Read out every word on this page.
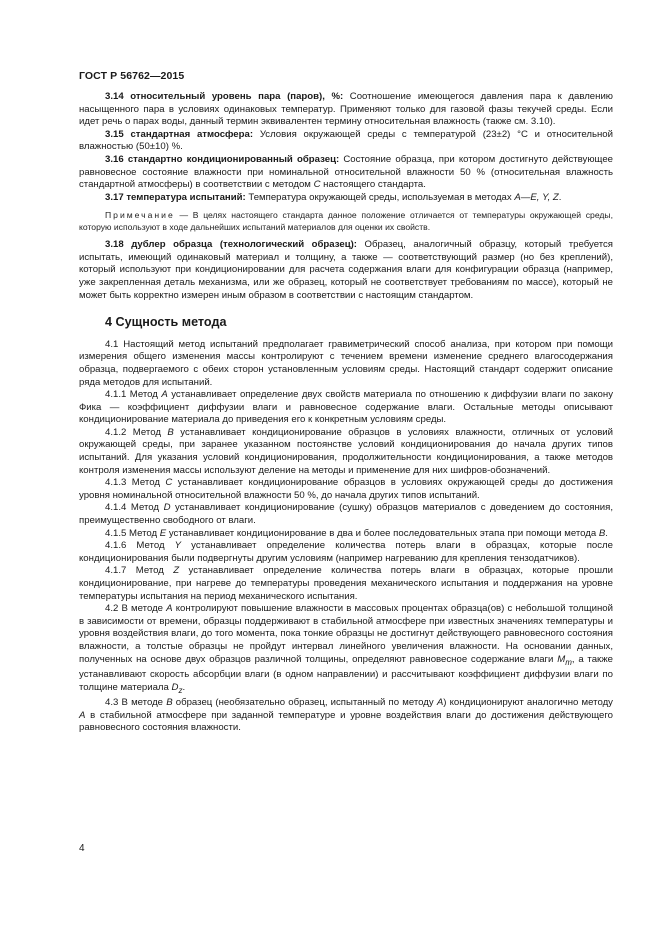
ГОСТ Р 56762—2015

3.14 относительный уровень пара (паров), %: Соотношение имеющегося давления пара к давлению насыщенного пара в условиях одинаковых температур. Применяют только для газовой фазы текучей среды. Если идет речь о парах воды, данный термин эквивалентен термину относительная влажность (также см. 3.10).

3.15 стандартная атмосфера: Условия окружающей среды с температурой (23±2) °С и относительной влажностью (50±10) %.

3.16 стандартно кондиционированный образец: Состояние образца, при котором достигнуто действующее равновесное состояние влажности при номинальной относительной влажности 50 % (относительная влажность стандартной атмосферы) в соответствии с методом С настоящего стандарта.

3.17 температура испытаний: Температура окружающей среды, используемая в методах А—Е, Y, Z.

Примечание — В целях настоящего стандарта данное положение отличается от температуры окружающей среды, которую используют в ходе дальнейших испытаний материалов для оценки их свойств.

3.18 дублер образца (технологический образец): Образец, аналогичный образцу, который требуется испытать, имеющий одинаковый материал и толщину, а также — соответствующий размер (но без креплений), который используют при кондиционировании для расчета содержания влаги для конфигурации образца (например, уже закрепленная деталь механизма, или же образец, который не соответствует требованиям по массе), который не может быть корректно измерен иным образом в соответствии с настоящим стандартом.

4 Сущность метода

4.1 Настоящий метод испытаний предполагает гравиметрический способ анализа, при котором при помощи измерения общего изменения массы контролируют с течением времени изменение среднего влагосодержания образца, подвергаемого с обеих сторон установленным условиям среды. Настоящий стандарт содержит описание ряда методов для испытаний.

4.1.1 Метод А устанавливает определение двух свойств материала по отношению к диффузии влаги по закону Фика — коэффициент диффузии влаги и равновесное содержание влаги. Остальные методы описывают кондиционирование материала до приведения его к конкретным условиям среды.

4.1.2 Метод В устанавливает кондиционирование образцов в условиях влажности, отличных от условий окружающей среды, при заранее указанном постоянстве условий кондиционирования до начала других типов испытаний. Для указания условий кондиционирования, продолжительности кондиционирования, а также методов контроля изменения массы используют деление на методы и применение для них шифров-обозначений.

4.1.3 Метод С устанавливает кондиционирование образцов в условиях окружающей среды до достижения уровня номинальной относительной влажности 50 %, до начала других типов испытаний.

4.1.4 Метод D устанавливает кондиционирование (сушку) образцов материалов с доведением до состояния, преимущественно свободного от влаги.

4.1.5 Метод Е устанавливает кондиционирование в два и более последовательных этапа при помощи метода В.

4.1.6 Метод Y устанавливает определение количества потерь влаги в образцах, которые после кондиционирования были подвергнуты другим условиям (например нагреванию для крепления тензодатчиков).

4.1.7 Метод Z устанавливает определение количества потерь влаги в образцах, которые прошли кондиционирование, при нагреве до температуры проведения механического испытания и поддержания на уровне температуры испытания на период механического испытания.

4.2 В методе А контролируют повышение влажности в массовых процентах образца(ов) с небольшой толщиной в зависимости от времени, образцы поддерживают в стабильной атмосфере при известных значениях температуры и уровня воздействия влаги, до того момента, пока тонкие образцы не достигнут действующего равновесного состояния влажности, а толстые образцы не пройдут интервал линейного увеличения влажности. На основании данных, полученных на основе двух образцов различной толщины, определяют равновесное содержание влаги $M_m$, а также устанавливают скорость абсорбции влаги (в одном направлении) и рассчитывают коэффициент диффузии влаги по толщине материала $D_z$.

4.3 В методе В образец (необязательно образец, испытанный по методу А) кондиционируют аналогично методу А в стабильной атмосфере при заданной температуре и уровне воздействия влаги до достижения действующего равновесного состояния влажности.

4
